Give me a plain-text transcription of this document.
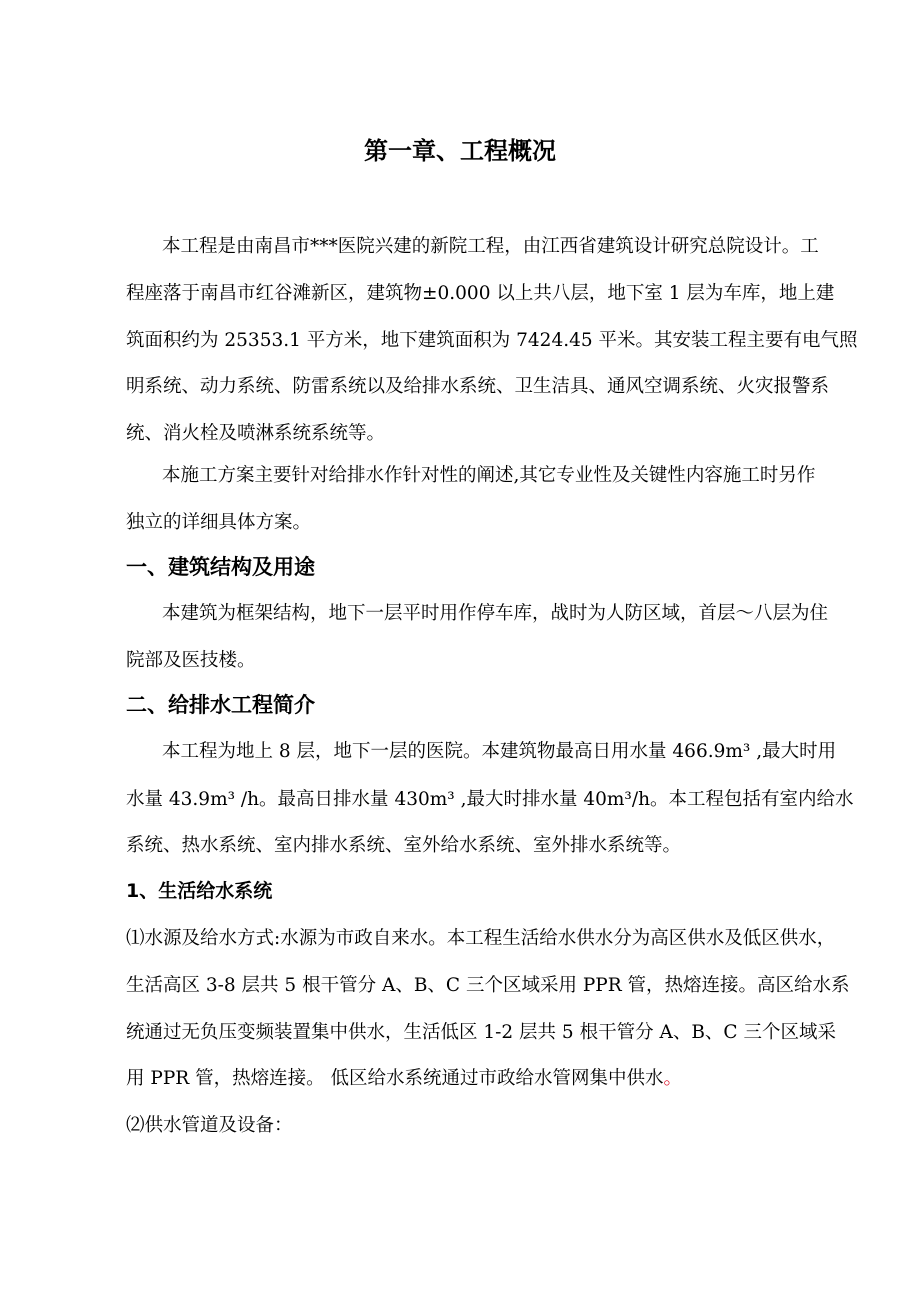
第一章、工程概况

本工程是由南昌市***医院兴建的新院工程，由江西省建筑设计研究总院设计。工

程座落于南昌市红谷滩新区，建筑物±0.000 以上共八层，地下室 1 层为车库，地上建

筑面积约为 25353.1 平方米，地下建筑面积为 7424.45 平米。其安装工程主要有电气照

明系统、动力系统、防雷系统以及给排水系统、卫生洁具、通风空调系统、火灾报警系

统、消火栓及喷淋系统系统等。

本施工方案主要针对给排水作针对性的阐述,其它专业性及关键性内容施工时另作

独立的详细具体方案。

一、建筑结构及用途

本建筑为框架结构，地下一层平时用作停车库，战时为人防区域，首层～八层为住

院部及医技楼。

二、给排水工程简介

本工程为地上 8 层，地下一层的医院。本建筑物最高日用水量 466.9m³ ,最大时用

水量 43.9m³ /h。最高日排水量 430m³ ,最大时排水量 40m³/h。本工程包括有室内给水

系统、热水系统、室内排水系统、室外给水系统、室外排水系统等。

1、生活给水系统

⑴水源及给水方式:水源为市政自来水。本工程生活给水供水分为高区供水及低区供水，

生活高区 3-8 层共 5 根干管分 A、B、C 三个区域采用 PPR 管，热熔连接。高区给水系

统通过无负压变频装置集中供水，生活低区 1-2 层共 5 根干管分 A、B、C 三个区域采

用 PPR 管，热熔连接。 低区给水系统通过市政给水管网集中供水。

⑵供水管道及设备：
